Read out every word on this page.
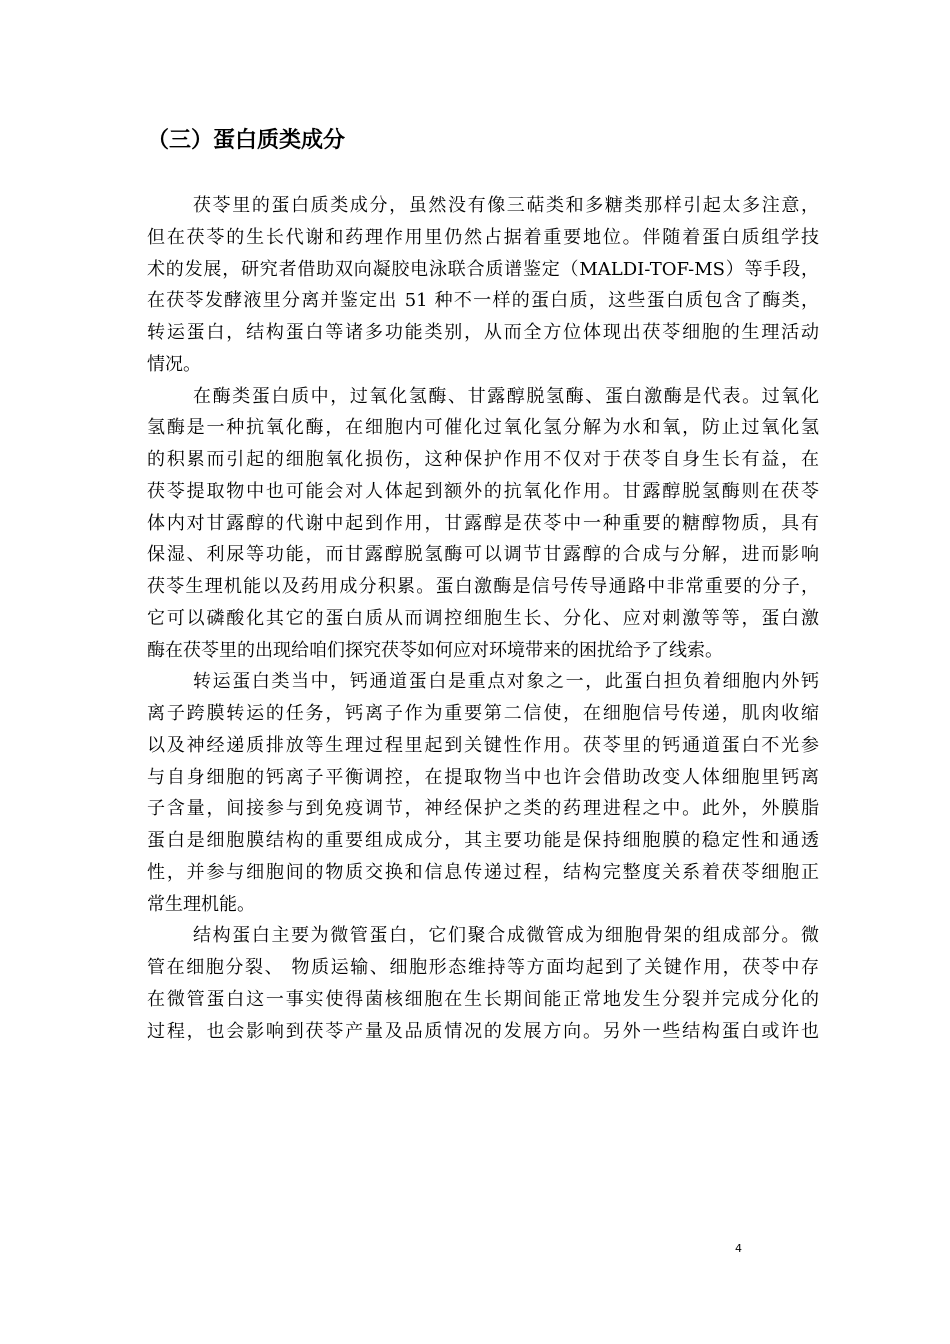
（三）蛋白质类成分
茯苓里的蛋白质类成分，虽然没有像三萜类和多糖类那样引起太多注意，
但在茯苓的生长代谢和药理作用里仍然占据着重要地位。伴随着蛋白质组学技
术的发展，研究者借助双向凝胶电泳联合质谱鉴定（MALDI-TOF-MS）等手段，
在茯苓发酵液里分离并鉴定出 51 种不一样的蛋白质，这些蛋白质包含了酶类，
转运蛋白，结构蛋白等诸多功能类别，从而全方位体现出茯苓细胞的生理活动
情况。
在酶类蛋白质中，过氧化氢酶、甘露醇脱氢酶、蛋白激酶是代表。过氧化
氢酶是一种抗氧化酶，在细胞内可催化过氧化氢分解为水和氧，防止过氧化氢
的积累而引起的细胞氧化损伤，这种保护作用不仅对于茯苓自身生长有益，在
茯苓提取物中也可能会对人体起到额外的抗氧化作用。甘露醇脱氢酶则在茯苓
体内对甘露醇的代谢中起到作用，甘露醇是茯苓中一种重要的糖醇物质，具有
保湿、利尿等功能，而甘露醇脱氢酶可以调节甘露醇的合成与分解，进而影响
茯苓生理机能以及药用成分积累。蛋白激酶是信号传导通路中非常重要的分子，
它可以磷酸化其它的蛋白质从而调控细胞生长、分化、应对刺激等等，蛋白激
酶在茯苓里的出现给咱们探究茯苓如何应对环境带来的困扰给予了线索。
转运蛋白类当中，钙通道蛋白是重点对象之一，此蛋白担负着细胞内外钙
离子跨膜转运的任务，钙离子作为重要第二信使，在细胞信号传递，肌肉收缩
以及神经递质排放等生理过程里起到关键性作用。茯苓里的钙通道蛋白不光参
与自身细胞的钙离子平衡调控，在提取物当中也许会借助改变人体细胞里钙离
子含量，间接参与到免疫调节，神经保护之类的药理进程之中。此外，外膜脂
蛋白是细胞膜结构的重要组成成分，其主要功能是保持细胞膜的稳定性和通透
性，并参与细胞间的物质交换和信息传递过程，结构完整度关系着茯苓细胞正
常生理机能。
结构蛋白主要为微管蛋白，它们聚合成微管成为细胞骨架的组成部分。微
管在细胞分裂、 物质运输、细胞形态维持等方面均起到了关键作用，茯苓中存
在微管蛋白这一事实使得菌核细胞在生长期间能正常地发生分裂并完成分化的
过程，也会影响到茯苓产量及品质情况的发展方向。另外一些结构蛋白或许也
4
